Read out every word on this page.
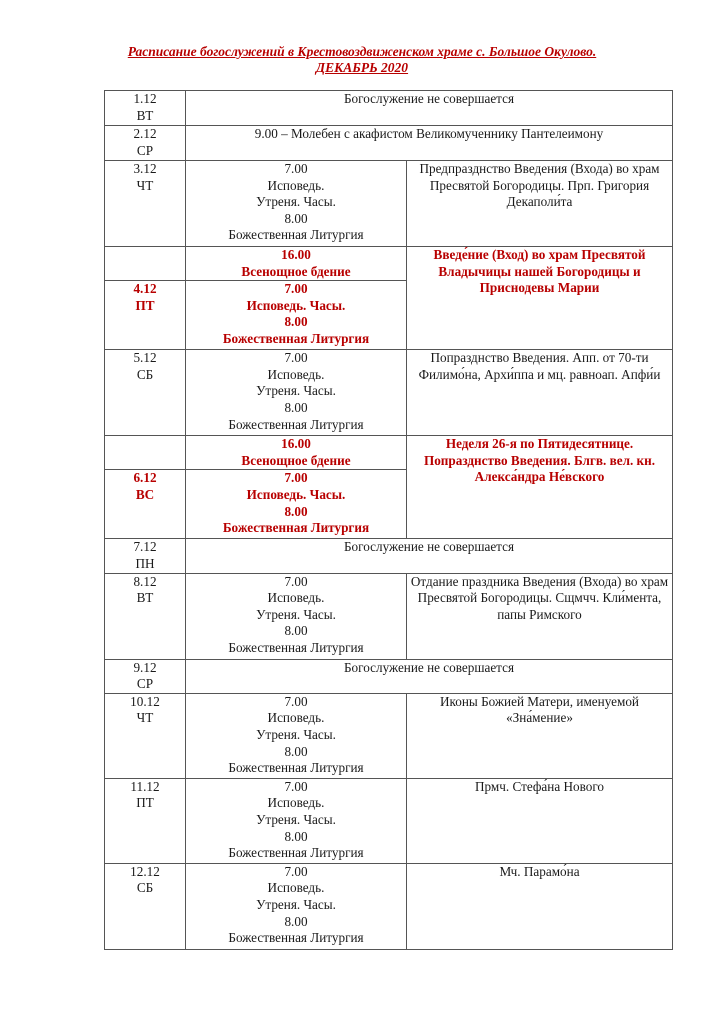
Расписание богослужений в Крестовоздвиженском храме с. Большое Окулово.
ДЕКАБРЬ 2020
1.12
ВТ	Богослужение не совершается	

2.12
СР	9.00 – Молебен с акафистом Великомученнику Пантелеимону	

3.12
ЧТ	7.00
Исповедь.
Утреня. Часы.
8.00
Божественная Литургия	Предпразднство Введения (Входа) во храм Пресвятой Богородицы. Прп. Григория Декаполи́та

	16.00
Всенощное бдение	Введе́ние (Вход) во храм Пресвятой Владычицы нашей Богородицы и Приснодевы Марии

4.12
ПТ	7.00
Исповедь. Часы.
8.00
Божественная Литургия	

5.12
СБ	7.00
Исповедь.
Утреня. Часы.
8.00
Божественная Литургия	Попразднство Введения. Апп. от 70-ти Филимо́на, Архи́ппа и мц. равноап. Апфи́и

	16.00
Всенощное бдение	Неделя 26-я по Пятидесятнице. Попразднство Введения. Блгв. вел. кн. Алекса́ндра Не́вского

6.12
ВС	7.00
Исповедь. Часы.
8.00
Божественная Литургия	

7.12
ПН	Богослужение не совершается	

8.12
ВТ	7.00
Исповедь.
Утреня. Часы.
8.00
Божественная Литургия	Отдание праздника Введения (Входа) во храм Пресвятой Богородицы. Сщмчч. Кли́мента, папы Римского

9.12
СР	Богослужение не совершается	

10.12
ЧТ	7.00
Исповедь.
Утреня. Часы.
8.00
Божественная Литургия	Иконы Божией Матери, именуемой «Зна́мение»

11.12
ПТ	7.00
Исповедь.
Утреня. Часы.
8.00
Божественная Литургия	Прмч. Стефа́на Нового

12.12
СБ	7.00
Исповедь.
Утреня. Часы.
8.00
Божественная Литургия	Мч. Парамо́на
